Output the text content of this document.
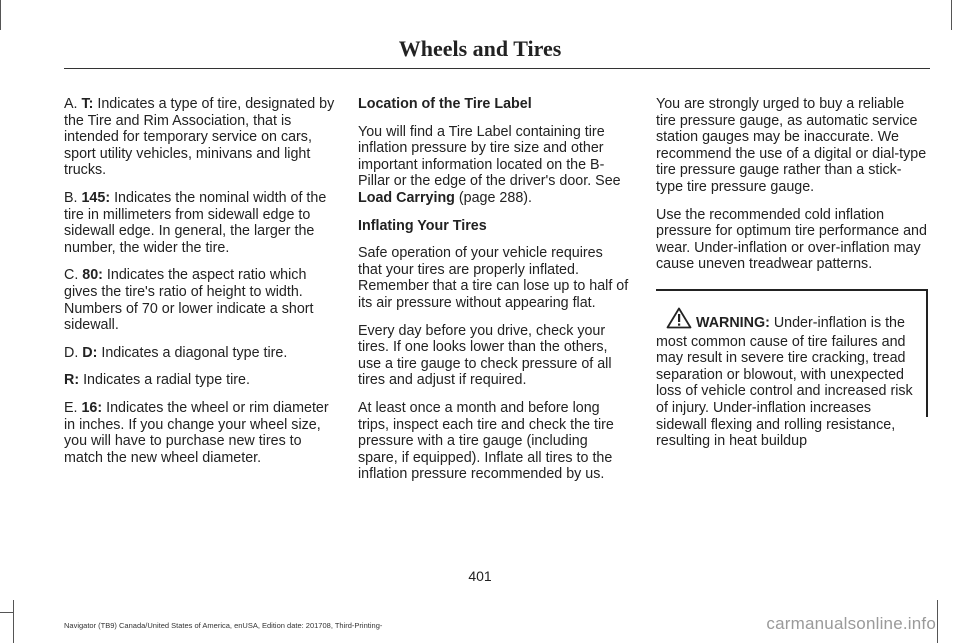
Wheels and Tires

A. T: Indicates a type of tire, designated by the Tire and Rim Association, that is intended for temporary service on cars, sport utility vehicles, minivans and light trucks.

B. 145: Indicates the nominal width of the tire in millimeters from sidewall edge to sidewall edge. In general, the larger the number, the wider the tire.

C. 80: Indicates the aspect ratio which gives the tire's ratio of height to width. Numbers of 70 or lower indicate a short sidewall.

D. D: Indicates a diagonal type tire.

R: Indicates a radial type tire.

E. 16: Indicates the wheel or rim diameter in inches. If you change your wheel size, you will have to purchase new tires to match the new wheel diameter.

Location of the Tire Label

You will find a Tire Label containing tire inflation pressure by tire size and other important information located on the B-Pillar or the edge of the driver's door. See Load Carrying (page 288).

Inflating Your Tires

Safe operation of your vehicle requires that your tires are properly inflated. Remember that a tire can lose up to half of its air pressure without appearing flat.

Every day before you drive, check your tires. If one looks lower than the others, use a tire gauge to check pressure of all tires and adjust if required.

At least once a month and before long trips, inspect each tire and check the tire pressure with a tire gauge (including spare, if equipped). Inflate all tires to the inflation pressure recommended by us.

You are strongly urged to buy a reliable tire pressure gauge, as automatic service station gauges may be inaccurate. We recommend the use of a digital or dial-type tire pressure gauge rather than a stick-type tire pressure gauge.

Use the recommended cold inflation pressure for optimum tire performance and wear. Under-inflation or over-inflation may cause uneven treadwear patterns.

WARNING: Under-inflation is the most common cause of tire failures and may result in severe tire cracking, tread separation or blowout, with unexpected loss of vehicle control and increased risk of injury. Under-inflation increases sidewall flexing and rolling resistance, resulting in heat buildup
401
Navigator (TB9) Canada/United States of America, enUSA, Edition date: 201708, Third-Printing-	carmanualsonline.info
